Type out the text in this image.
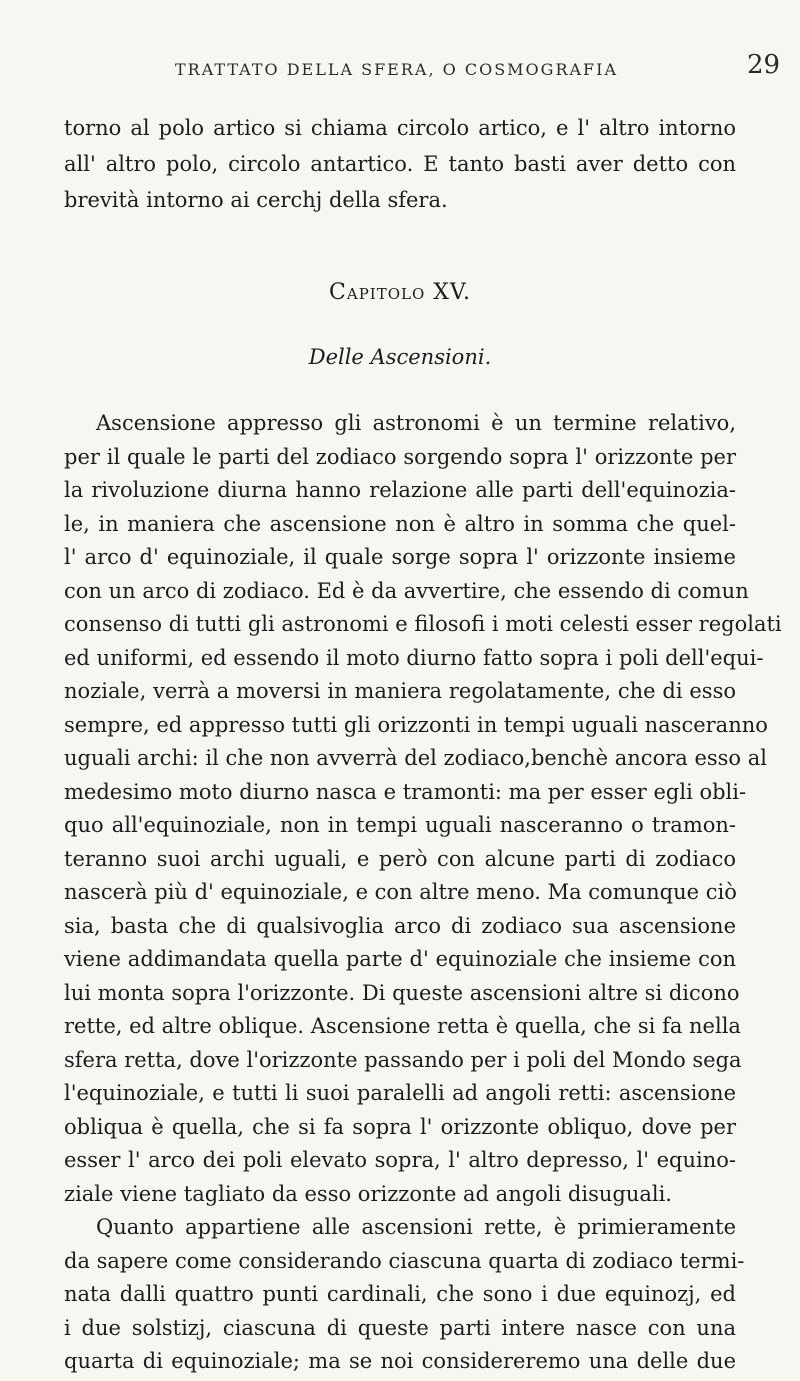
TRATTATO DELLA SFERA, O COSMOGRAFIA	29
torno al polo artico si chiama circolo artico, e l' altro intorno
all' altro polo, circolo antartico. E tanto basti aver detto con
brevità intorno ai cerchj della sfera.
Capitolo XV.
Delle Ascensioni.
Ascensione appresso gli astronomi è un termine relativo,
per il quale le parti del zodiaco sorgendo sopra l' orizzonte per
la rivoluzione diurna hanno relazione alle parti dell'equinozia-
le, in maniera che ascensione non è altro in somma che quel-
l' arco d' equinoziale, il quale sorge sopra l' orizzonte insieme
con un arco di zodiaco. Ed è da avvertire, che essendo di comun
consenso di tutti gli astronomi e filosofi i moti celesti esser regolati
ed uniformi, ed essendo il moto diurno fatto sopra i poli dell'equi-
noziale, verrà a moversi in maniera regolatamente, che di esso
sempre, ed appresso tutti gli orizzonti in tempi uguali nasceranno
uguali archi: il che non avverrà del zodiaco,benchè ancora esso al
medesimo moto diurno nasca e tramonti: ma per esser egli obli-
quo all'equinoziale, non in tempi uguali nasceranno o tramon-
teranno suoi archi uguali, e però con alcune parti di zodiaco
nascerà più d' equinoziale, e con altre meno. Ma comunque ciò
sia, basta che di qualsivoglia arco di zodiaco sua ascensione
viene addimandata quella parte d' equinoziale che insieme con
lui monta sopra l'orizzonte. Di queste ascensioni altre si dicono
rette, ed altre oblique. Ascensione retta è quella, che si fa nella
sfera retta, dove l'orizzonte passando per i poli del Mondo sega
l'equinoziale, e tutti li suoi paralelli ad angoli retti: ascensione
obliqua è quella, che si fa sopra l' orizzonte obliquo, dove per
esser l' arco dei poli elevato sopra, l' altro depresso, l' equino-
ziale viene tagliato da esso orizzonte ad angoli disuguali.
Quanto appartiene alle ascensioni rette, è primieramente
da sapere come considerando ciascuna quarta di zodiaco termi-
nata dalli quattro punti cardinali, che sono i due equinozj, ed
i due solstizj, ciascuna di queste parti intere nasce con una
quarta di equinoziale; ma se noi considereremo una delle due
